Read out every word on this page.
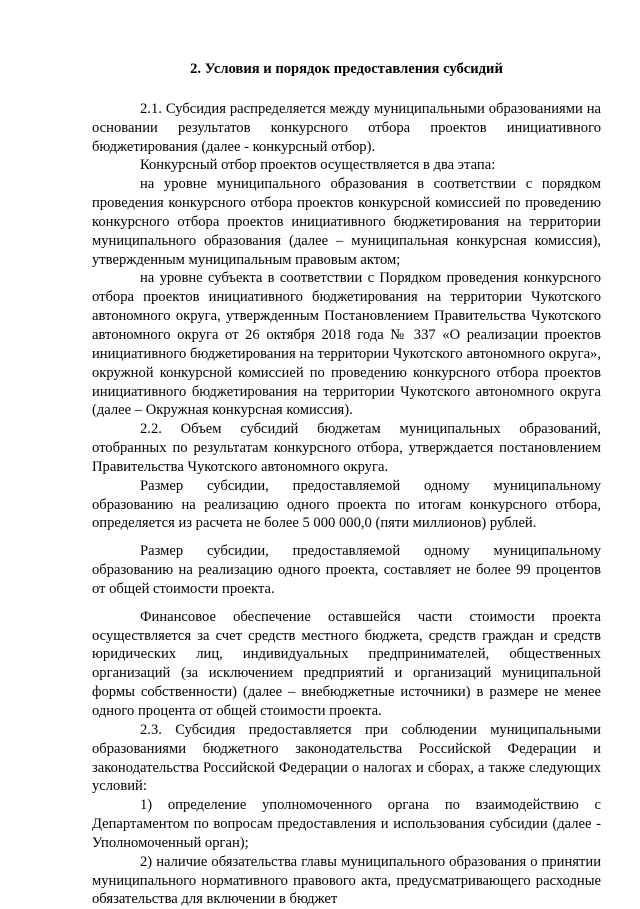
2. Условия и порядок предоставления субсидий

2.1. Субсидия распределяется между муниципальными образованиями на основании результатов конкурсного отбора проектов инициативного бюджетирования (далее - конкурсный отбор).

Конкурсный отбор проектов осуществляется в два этапа:

на уровне муниципального образования в соответствии с порядком проведения конкурсного отбора проектов конкурсной комиссией по проведению конкурсного отбора проектов инициативного бюджетирования на территории муниципального образования (далее – муниципальная конкурсная комиссия), утвержденным муниципальным правовым актом;

на уровне субъекта в соответствии с Порядком проведения конкурсного отбора проектов инициативного бюджетирования на территории Чукотского автономного округа, утвержденным Постановлением Правительства Чукотского автономного округа от 26 октября 2018 года № 337 «О реализации проектов инициативного бюджетирования на территории Чукотского автономного округа», окружной конкурсной комиссией по проведению конкурсного отбора проектов инициативного бюджетирования на территории Чукотского автономного округа (далее – Окружная конкурсная комиссия).

2.2. Объем субсидий бюджетам муниципальных образований, отобранных по результатам конкурсного отбора, утверждается постановлением Правительства Чукотского автономного округа.

Размер субсидии, предоставляемой одному муниципальному образованию на реализацию одного проекта по итогам конкурсного отбора, определяется из расчета не более 5 000 000,0 (пяти миллионов) рублей.

Размер субсидии, предоставляемой одному муниципальному образованию на реализацию одного проекта, составляет не более 99 процентов от общей стоимости проекта.

Финансовое обеспечение оставшейся части стоимости проекта осуществляется за счет средств местного бюджета, средств граждан и средств юридических лиц, индивидуальных предпринимателей, общественных организаций (за исключением предприятий и организаций муниципальной формы собственности) (далее – внебюджетные источники) в размере не менее одного процента от общей стоимости проекта.

2.3. Субсидия предоставляется при соблюдении муниципальными образованиями бюджетного законодательства Российской Федерации и законодательства Российской Федерации о налогах и сборах, а также следующих условий:

1) определение уполномоченного органа по взаимодействию с Департаментом по вопросам предоставления и использования субсидии (далее - Уполномоченный орган);

2) наличие обязательства главы муниципального образования о принятии муниципального нормативного правового акта, предусматривающего расходные обязательства для включении в бюджет
